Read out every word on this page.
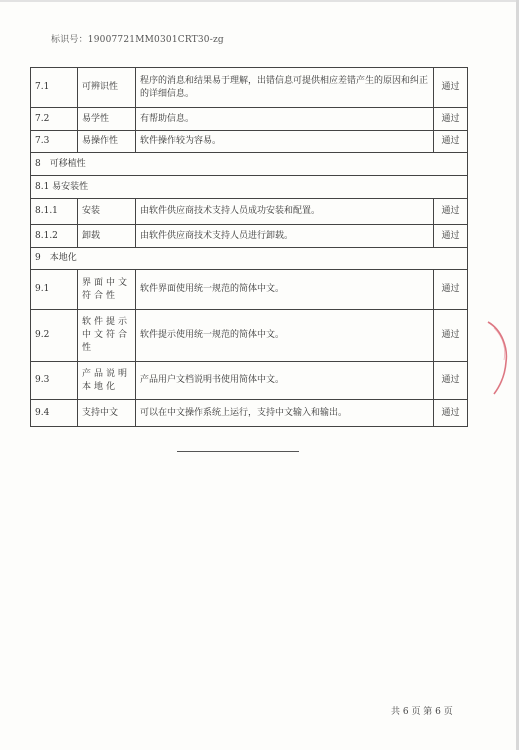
标识号：19007721MM0301CRT30-zg
7.1	可辨识性	程序的消息和结果易于理解，出错信息可提供相应差错产生的原因和纠正的详细信息。	通过
7.2	易学性	有帮助信息。	通过
7.3	易操作性	软件操作较为容易。	通过
8　可移植性			
8.1 易安装性			
8.1.1	安装	由软件供应商技术支持人员成功安装和配置。	通过
8.1.2	卸载	由软件供应商技术支持人员进行卸载。	通过
9　本地化			
9.1	界面中文符合性	软件界面使用统一规范的简体中文。	通过
9.2	软件提示中文符合性	软件提示使用统一规范的简体中文。	通过
9.3	产品说明本地化	产品用户文档说明书使用简体中文。	通过
9.4	支持中文	可以在中文操作系统上运行，支持中文输入和输出。	通过
共 6 页 第 6 页
